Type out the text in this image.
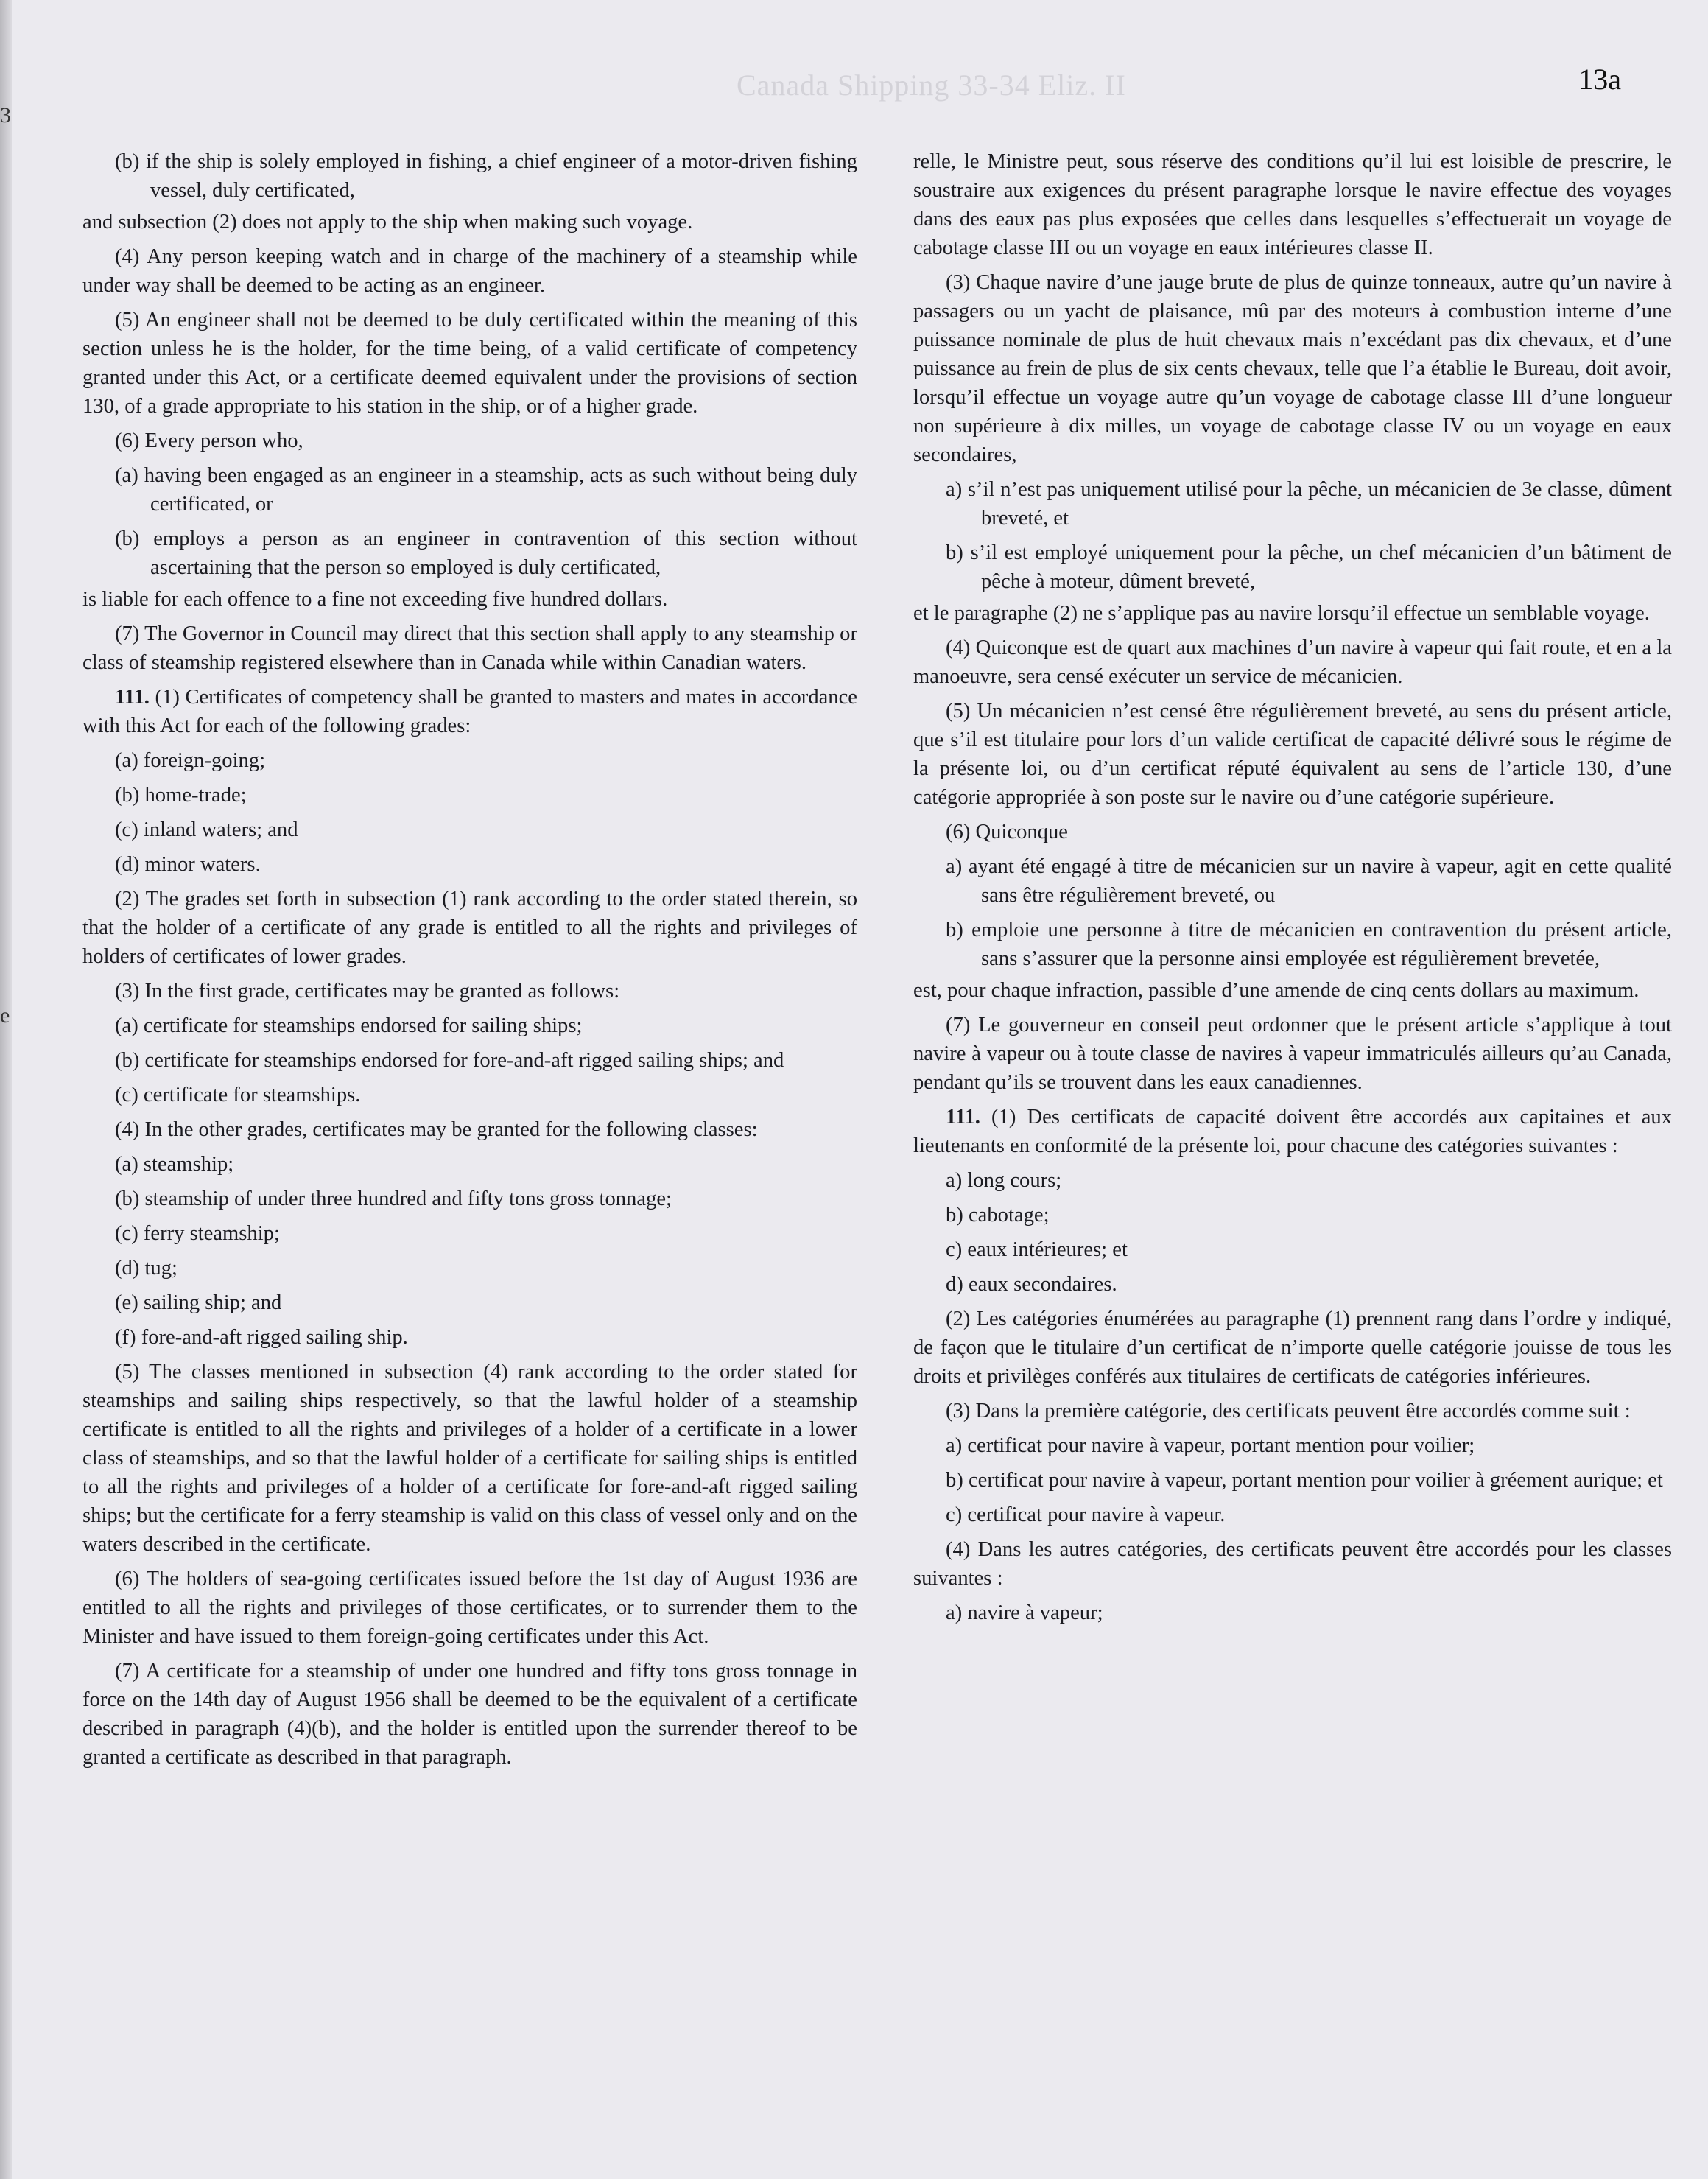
3
e
Canada Shipping 33-34 Eliz. II	13a

(b) if the ship is solely employed in fishing, a chief engineer of a motor-driven fishing vessel, duly certificated,

and subsection (2) does not apply to the ship when making such voyage.

(4) Any person keeping watch and in charge of the machinery of a steamship while under way shall be deemed to be acting as an engineer.

(5) An engineer shall not be deemed to be duly certificated within the meaning of this section unless he is the holder, for the time being, of a valid certificate of competency granted under this Act, or a certificate deemed equivalent under the provisions of section 130, of a grade appropriate to his station in the ship, or of a higher grade.

(6) Every person who,

(a) having been engaged as an engineer in a steamship, acts as such without being duly certificated, or

(b) employs a person as an engineer in contravention of this section without ascertaining that the person so employed is duly certificated,

is liable for each offence to a fine not exceeding five hundred dollars.

(7) The Governor in Council may direct that this section shall apply to any steamship or class of steamship registered elsewhere than in Canada while within Canadian waters.

111. (1) Certificates of competency shall be granted to masters and mates in accordance with this Act for each of the following grades:

(a) foreign-going;

(b) home-trade;

(c) inland waters; and

(d) minor waters.

(2) The grades set forth in subsection (1) rank according to the order stated therein, so that the holder of a certificate of any grade is entitled to all the rights and privileges of holders of certificates of lower grades.

(3) In the first grade, certificates may be granted as follows:

(a) certificate for steamships endorsed for sailing ships;

(b) certificate for steamships endorsed for fore-and-aft rigged sailing ships; and

(c) certificate for steamships.

(4) In the other grades, certificates may be granted for the following classes:

(a) steamship;

(b) steamship of under three hundred and fifty tons gross tonnage;

(c) ferry steamship;

(d) tug;

(e) sailing ship; and

(f) fore-and-aft rigged sailing ship.

(5) The classes mentioned in subsection (4) rank according to the order stated for steamships and sailing ships respectively, so that the lawful holder of a steamship certificate is entitled to all the rights and privileges of a holder of a certificate in a lower class of steamships, and so that the lawful holder of a certificate for sailing ships is entitled to all the rights and privileges of a holder of a certificate for fore-and-aft rigged sailing ships; but the certificate for a ferry steamship is valid on this class of vessel only and on the waters described in the certificate.

(6) The holders of sea-going certificates issued before the 1st day of August 1936 are entitled to all the rights and privileges of those certificates, or to surrender them to the Minister and have issued to them foreign-going certificates under this Act.

(7) A certificate for a steamship of under one hundred and fifty tons gross tonnage in force on the 14th day of August 1956 shall be deemed to be the equivalent of a certificate described in paragraph (4)(b), and the holder is entitled upon the surrender thereof to be granted a certificate as described in that paragraph.

relle, le Ministre peut, sous réserve des conditions qu’il lui est loisible de prescrire, le soustraire aux exigences du présent paragraphe lorsque le navire effectue des voyages dans des eaux pas plus exposées que celles dans lesquelles s’effectuerait un voyage de cabotage classe III ou un voyage en eaux intérieures classe II.

(3) Chaque navire d’une jauge brute de plus de quinze tonneaux, autre qu’un navire à passagers ou un yacht de plaisance, mû par des moteurs à combustion interne d’une puissance nominale de plus de huit chevaux mais n’excédant pas dix chevaux, et d’une puissance au frein de plus de six cents chevaux, telle que l’a établie le Bureau, doit avoir, lorsqu’il effectue un voyage autre qu’un voyage de cabotage classe III d’une longueur non supérieure à dix milles, un voyage de cabotage classe IV ou un voyage en eaux secondaires,

a) s’il n’est pas uniquement utilisé pour la pêche, un mécanicien de 3e classe, dûment breveté, et

b) s’il est employé uniquement pour la pêche, un chef mécanicien d’un bâtiment de pêche à moteur, dûment breveté,

et le paragraphe (2) ne s’applique pas au navire lorsqu’il effectue un semblable voyage.

(4) Quiconque est de quart aux machines d’un navire à vapeur qui fait route, et en a la manoeuvre, sera censé exécuter un service de mécanicien.

(5) Un mécanicien n’est censé être régulièrement breveté, au sens du présent article, que s’il est titulaire pour lors d’un valide certificat de capacité délivré sous le régime de la présente loi, ou d’un certificat réputé équivalent au sens de l’article 130, d’une catégorie appropriée à son poste sur le navire ou d’une catégorie supérieure.

(6) Quiconque

a) ayant été engagé à titre de mécanicien sur un navire à vapeur, agit en cette qualité sans être régulièrement breveté, ou

b) emploie une personne à titre de mécanicien en contravention du présent article, sans s’assurer que la personne ainsi employée est régulièrement brevetée,

est, pour chaque infraction, passible d’une amende de cinq cents dollars au maximum.

(7) Le gouverneur en conseil peut ordonner que le présent article s’applique à tout navire à vapeur ou à toute classe de navires à vapeur immatriculés ailleurs qu’au Canada, pendant qu’ils se trouvent dans les eaux canadiennes.

111. (1) Des certificats de capacité doivent être accordés aux capitaines et aux lieutenants en conformité de la présente loi, pour chacune des catégories suivantes :

a) long cours;

b) cabotage;

c) eaux intérieures; et

d) eaux secondaires.

(2) Les catégories énumérées au paragraphe (1) prennent rang dans l’ordre y indiqué, de façon que le titulaire d’un certificat de n’importe quelle catégorie jouisse de tous les droits et privilèges conférés aux titulaires de certificats de catégories inférieures.

(3) Dans la première catégorie, des certificats peuvent être accordés comme suit :

a) certificat pour navire à vapeur, portant mention pour voilier;

b) certificat pour navire à vapeur, portant mention pour voilier à gréement aurique; et

c) certificat pour navire à vapeur.

(4) Dans les autres catégories, des certificats peuvent être accordés pour les classes suivantes :

a) navire à vapeur;
